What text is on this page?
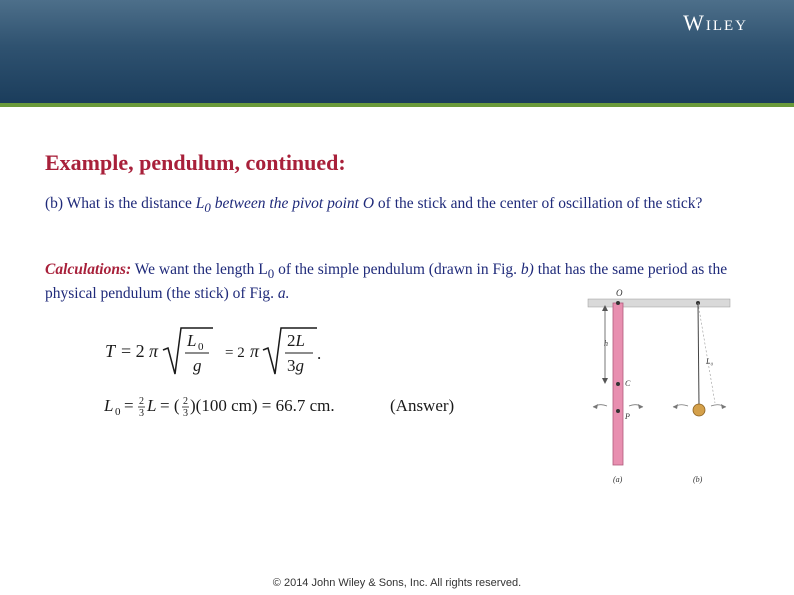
Wiley
Example, pendulum, continued:
(b) What is the distance $L_0$ between the pivot point O of the stick and the center of oscillation of the stick?
Calculations: We want the length $L_0$ of the simple pendulum (drawn in Fig. b) that has the same period as the physical pendulum (the stick) of Fig. a.
T = 2 π
L 0
g
= 2 π
2L
3g
.
L 0 = 2
3 L = ( 2
3 )(100 cm) = 66.7 cm.	(Answer)
O
h
C
P
L₀
(a)	(b)
© 2014 John Wiley & Sons, Inc. All rights reserved.
